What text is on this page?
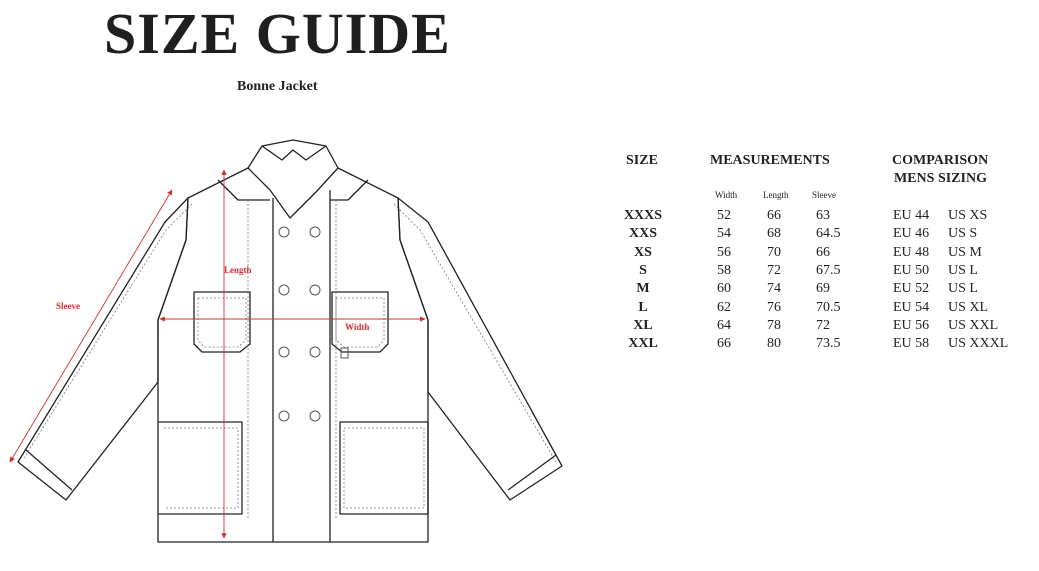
SIZE GUIDE
Bonne Jacket
Sleeve
Length
Width
SIZE	MEASUREMENTS	COMPARISON
MENS SIZING
Width	Length	Sleeve
XXXS	52	66	63	EU 44 US XS
XXS	54	68	64.5	EU 46 US S
XS	56	70	66	EU 48 US M
S	58	72	67.5	EU 50 US L
M	60	74	69	EU 52 US L
L	62	76	70.5	EU 54 US XL
XL	64	78	72	EU 56 US XXL
XXL	66	80	73.5	EU 58 US XXXL
